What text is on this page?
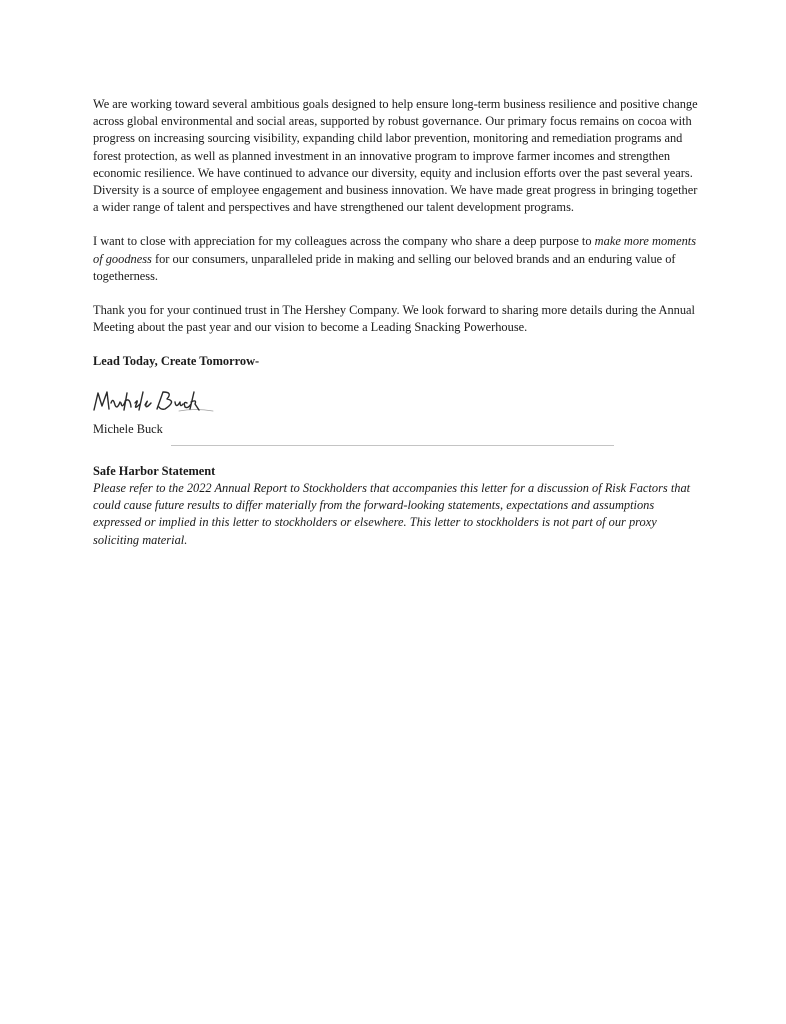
We are working toward several ambitious goals designed to help ensure long-term business resilience and positive change across global environmental and social areas, supported by robust governance. Our primary focus remains on cocoa with progress on increasing sourcing visibility, expanding child labor prevention, monitoring and remediation programs and forest protection, as well as planned investment in an innovative program to improve farmer incomes and strengthen economic resilience. We have continued to advance our diversity, equity and inclusion efforts over the past several years. Diversity is a source of employee engagement and business innovation. We have made great progress in bringing together a wider range of talent and perspectives and have strengthened our talent development programs.

I want to close with appreciation for my colleagues across the company who share a deep purpose to make more moments of goodness for our consumers, unparalleled pride in making and selling our beloved brands and an enduring value of togetherness.

Thank you for your continued trust in The Hershey Company. We look forward to sharing more details during the Annual Meeting about the past year and our vision to become a Leading Snacking Powerhouse.

Lead Today, Create Tomorrow-

Michele Buck

Safe Harbor Statement

Please refer to the 2022 Annual Report to Stockholders that accompanies this letter for a discussion of Risk Factors that could cause future results to differ materially from the forward-looking statements, expectations and assumptions expressed or implied in this letter to stockholders or elsewhere. This letter to stockholders is not part of our proxy soliciting material.
